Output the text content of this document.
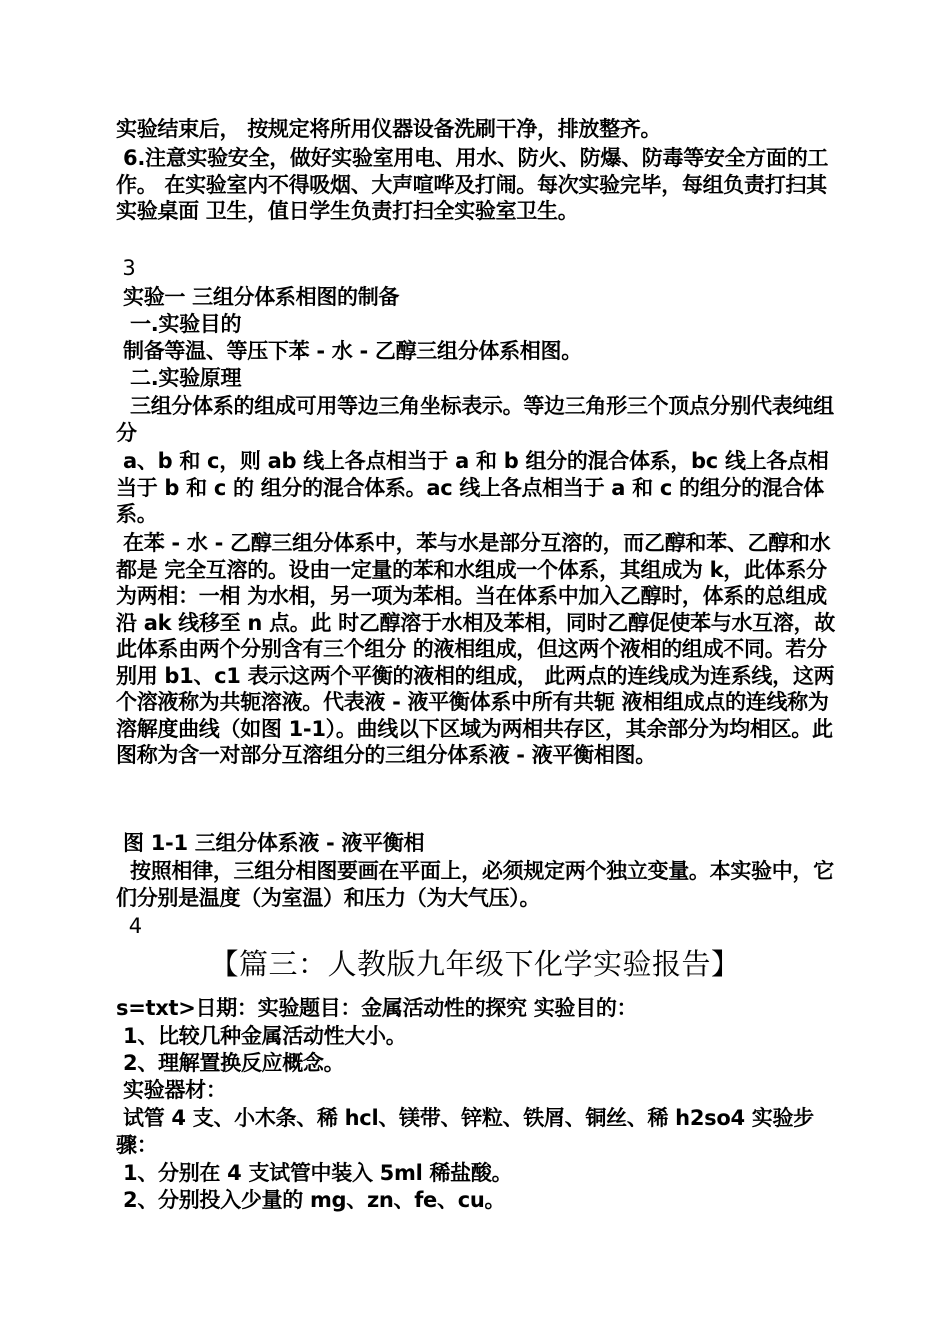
实验结束后， 按规定将所用仪器设备洗刷干净，排放整齐。
6.注意实验安全，做好实验室用电、用水、防火、防爆、防毒等安全方面的工作。 在实验室内不得吸烟、大声喧哗及打闹。每次实验完毕，每组负责打扫其实验桌面 卫生，值日学生负责打扫全实验室卫生。
3
实验一 三组分体系相图的制备
一.实验目的
制备等温、等压下苯 - 水 - 乙醇三组分体系相图。
二.实验原理
三组分体系的组成可用等边三角坐标表示。等边三角形三个顶点分别代表纯组分
a、b 和 c，则 ab 线上各点相当于 a 和 b 组分的混合体系，bc 线上各点相当于 b 和 c 的 组分的混合体系。ac 线上各点相当于 a 和 c 的组分的混合体系。
在苯 - 水 - 乙醇三组分体系中，苯与水是部分互溶的，而乙醇和苯、乙醇和水都是 完全互溶的。设由一定量的苯和水组成一个体系，其组成为 k，此体系分为两相：一相 为水相，另一项为苯相。当在体系中加入乙醇时，体系的总组成沿 ak 线移至 n 点。此 时乙醇溶于水相及苯相，同时乙醇促使苯与水互溶，故此体系由两个分别含有三个组分 的液相组成，但这两个液相的组成不同。若分别用 b1、c1 表示这两个平衡的液相的组成， 此两点的连线成为连系线，这两个溶液称为共轭溶液。代表液 - 液平衡体系中所有共轭 液相组成点的连线称为溶解度曲线（如图 1-1）。曲线以下区域为两相共存区，其余部分为均相区。此图称为含一对部分互溶组分的三组分体系液 - 液平衡相图。
图 1-1 三组分体系液 - 液平衡相
按照相律，三组分相图要画在平面上，必须规定两个独立变量。本实验中，它 们分别是温度（为室温）和压力（为大气压）。
4
【篇三：人教版九年级下化学实验报告】
s=txt>日期：实验题目：金属活动性的探究 实验目的：
1、比较几种金属活动性大小。
2、理解置换反应概念。
实验器材：
试管 4 支、小木条、稀 hcl、镁带、锌粒、铁屑、铜丝、稀 h2so4 实验步骤：
1、分别在 4 支试管中装入 5ml 稀盐酸。
2、分别投入少量的 mg、zn、fe、cu。
